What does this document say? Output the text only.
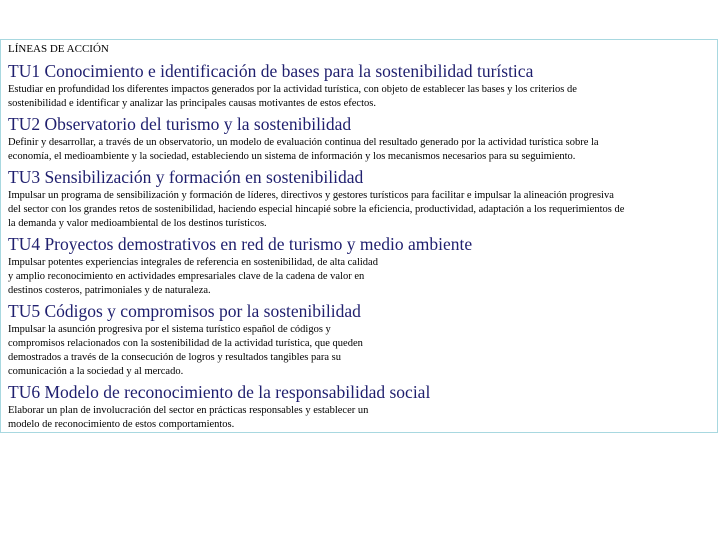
LÍNEAS DE ACCIÓN
TU1 Conocimiento e identificación de bases para la sostenibilidad turística
Estudiar en profundidad los diferentes impactos generados por la actividad turística, con objeto de establecer las bases y los criterios de
sostenibilidad e identificar y analizar las principales causas motivantes de estos efectos.
TU2 Observatorio del turismo y la sostenibilidad
Definir y desarrollar, a través de un observatorio, un modelo de evaluación continua del resultado generado por la actividad turística sobre la
economía, el medioambiente y la sociedad, estableciendo un sistema de información y los mecanismos necesarios para su seguimiento.
TU3 Sensibilización y formación en sostenibilidad
Impulsar un programa de sensibilización y formación de líderes, directivos y gestores turísticos para facilitar e impulsar la alineación progresiva
del sector con los grandes retos de sostenibilidad, haciendo especial hincapié sobre la eficiencia, productividad, adaptación a los requerimientos de
la demanda y valor medioambiental de los destinos turísticos.
TU4 Proyectos demostrativos en red de turismo y medio ambiente
Impulsar potentes experiencias integrales de referencia en sostenibilidad, de alta calidad
y amplio reconocimiento en actividades empresariales clave de la cadena de valor en
destinos costeros, patrimoniales y de naturaleza.
TU5 Códigos y compromisos por la sostenibilidad
Impulsar la asunción progresiva por el sistema turístico español de códigos y
compromisos relacionados con la sostenibilidad de la actividad turística, que queden
demostrados a través de la consecución de logros y resultados tangibles para su
comunicación a la sociedad y al mercado.
TU6 Modelo de reconocimiento de la responsabilidad social
Elaborar un plan de involucración del sector en prácticas responsables y establecer un
modelo de reconocimiento de estos comportamientos.
